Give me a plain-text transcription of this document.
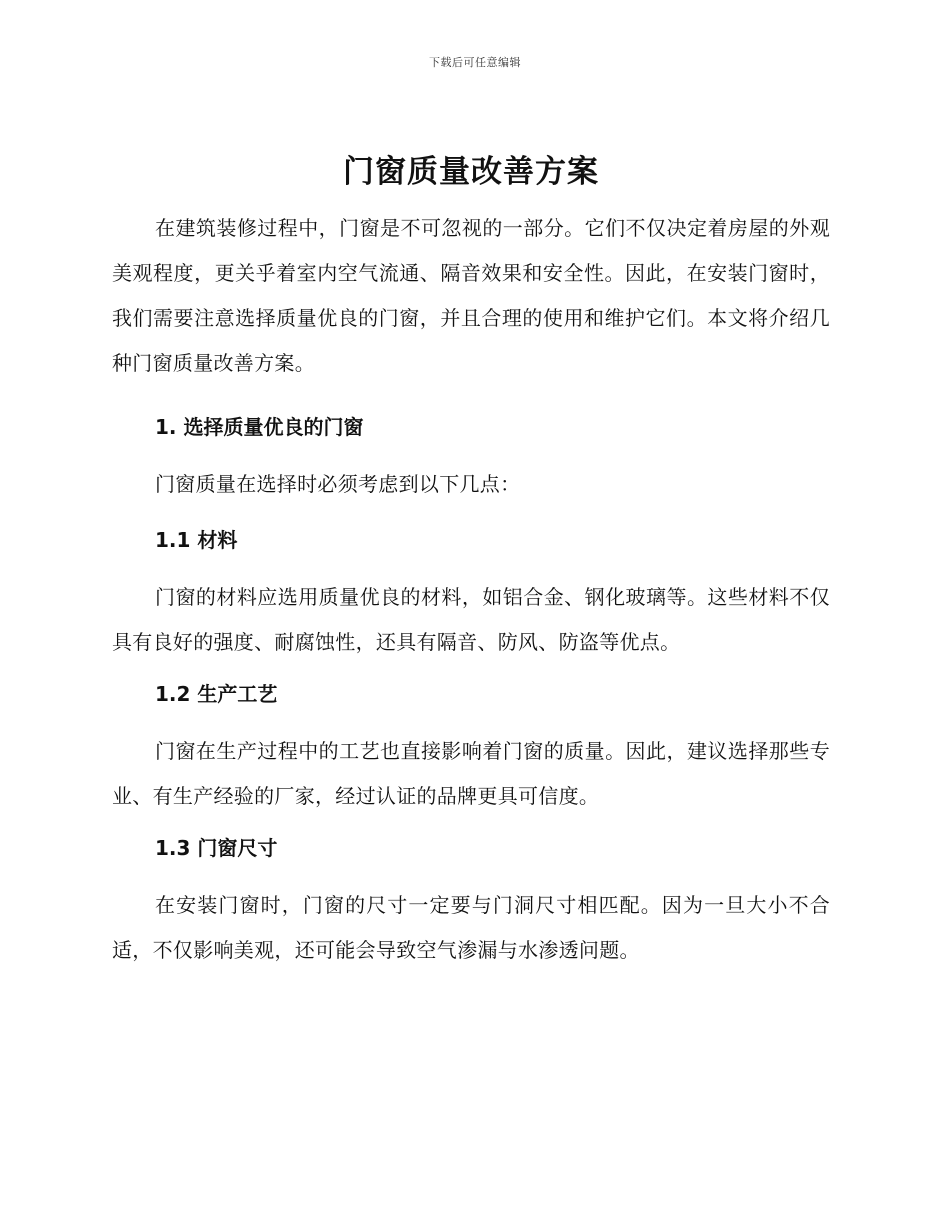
下载后可任意编辑
门窗质量改善方案

在建筑装修过程中，门窗是不可忽视的一部分。它们不仅决定着房屋的外观美观程度，更关乎着室内空气流通、隔音效果和安全性。因此，在安装门窗时，我们需要注意选择质量优良的门窗，并且合理的使用和维护它们。本文将介绍几种门窗质量改善方案。

1. 选择质量优良的门窗

门窗质量在选择时必须考虑到以下几点：

1.1 材料

门窗的材料应选用质量优良的材料，如铝合金、钢化玻璃等。这些材料不仅具有良好的强度、耐腐蚀性，还具有隔音、防风、防盗等优点。

1.2 生产工艺

门窗在生产过程中的工艺也直接影响着门窗的质量。因此，建议选择那些专业、有生产经验的厂家，经过认证的品牌更具可信度。

1.3 门窗尺寸

在安装门窗时，门窗的尺寸一定要与门洞尺寸相匹配。因为一旦大小不合适，不仅影响美观，还可能会导致空气渗漏与水渗透问题。
